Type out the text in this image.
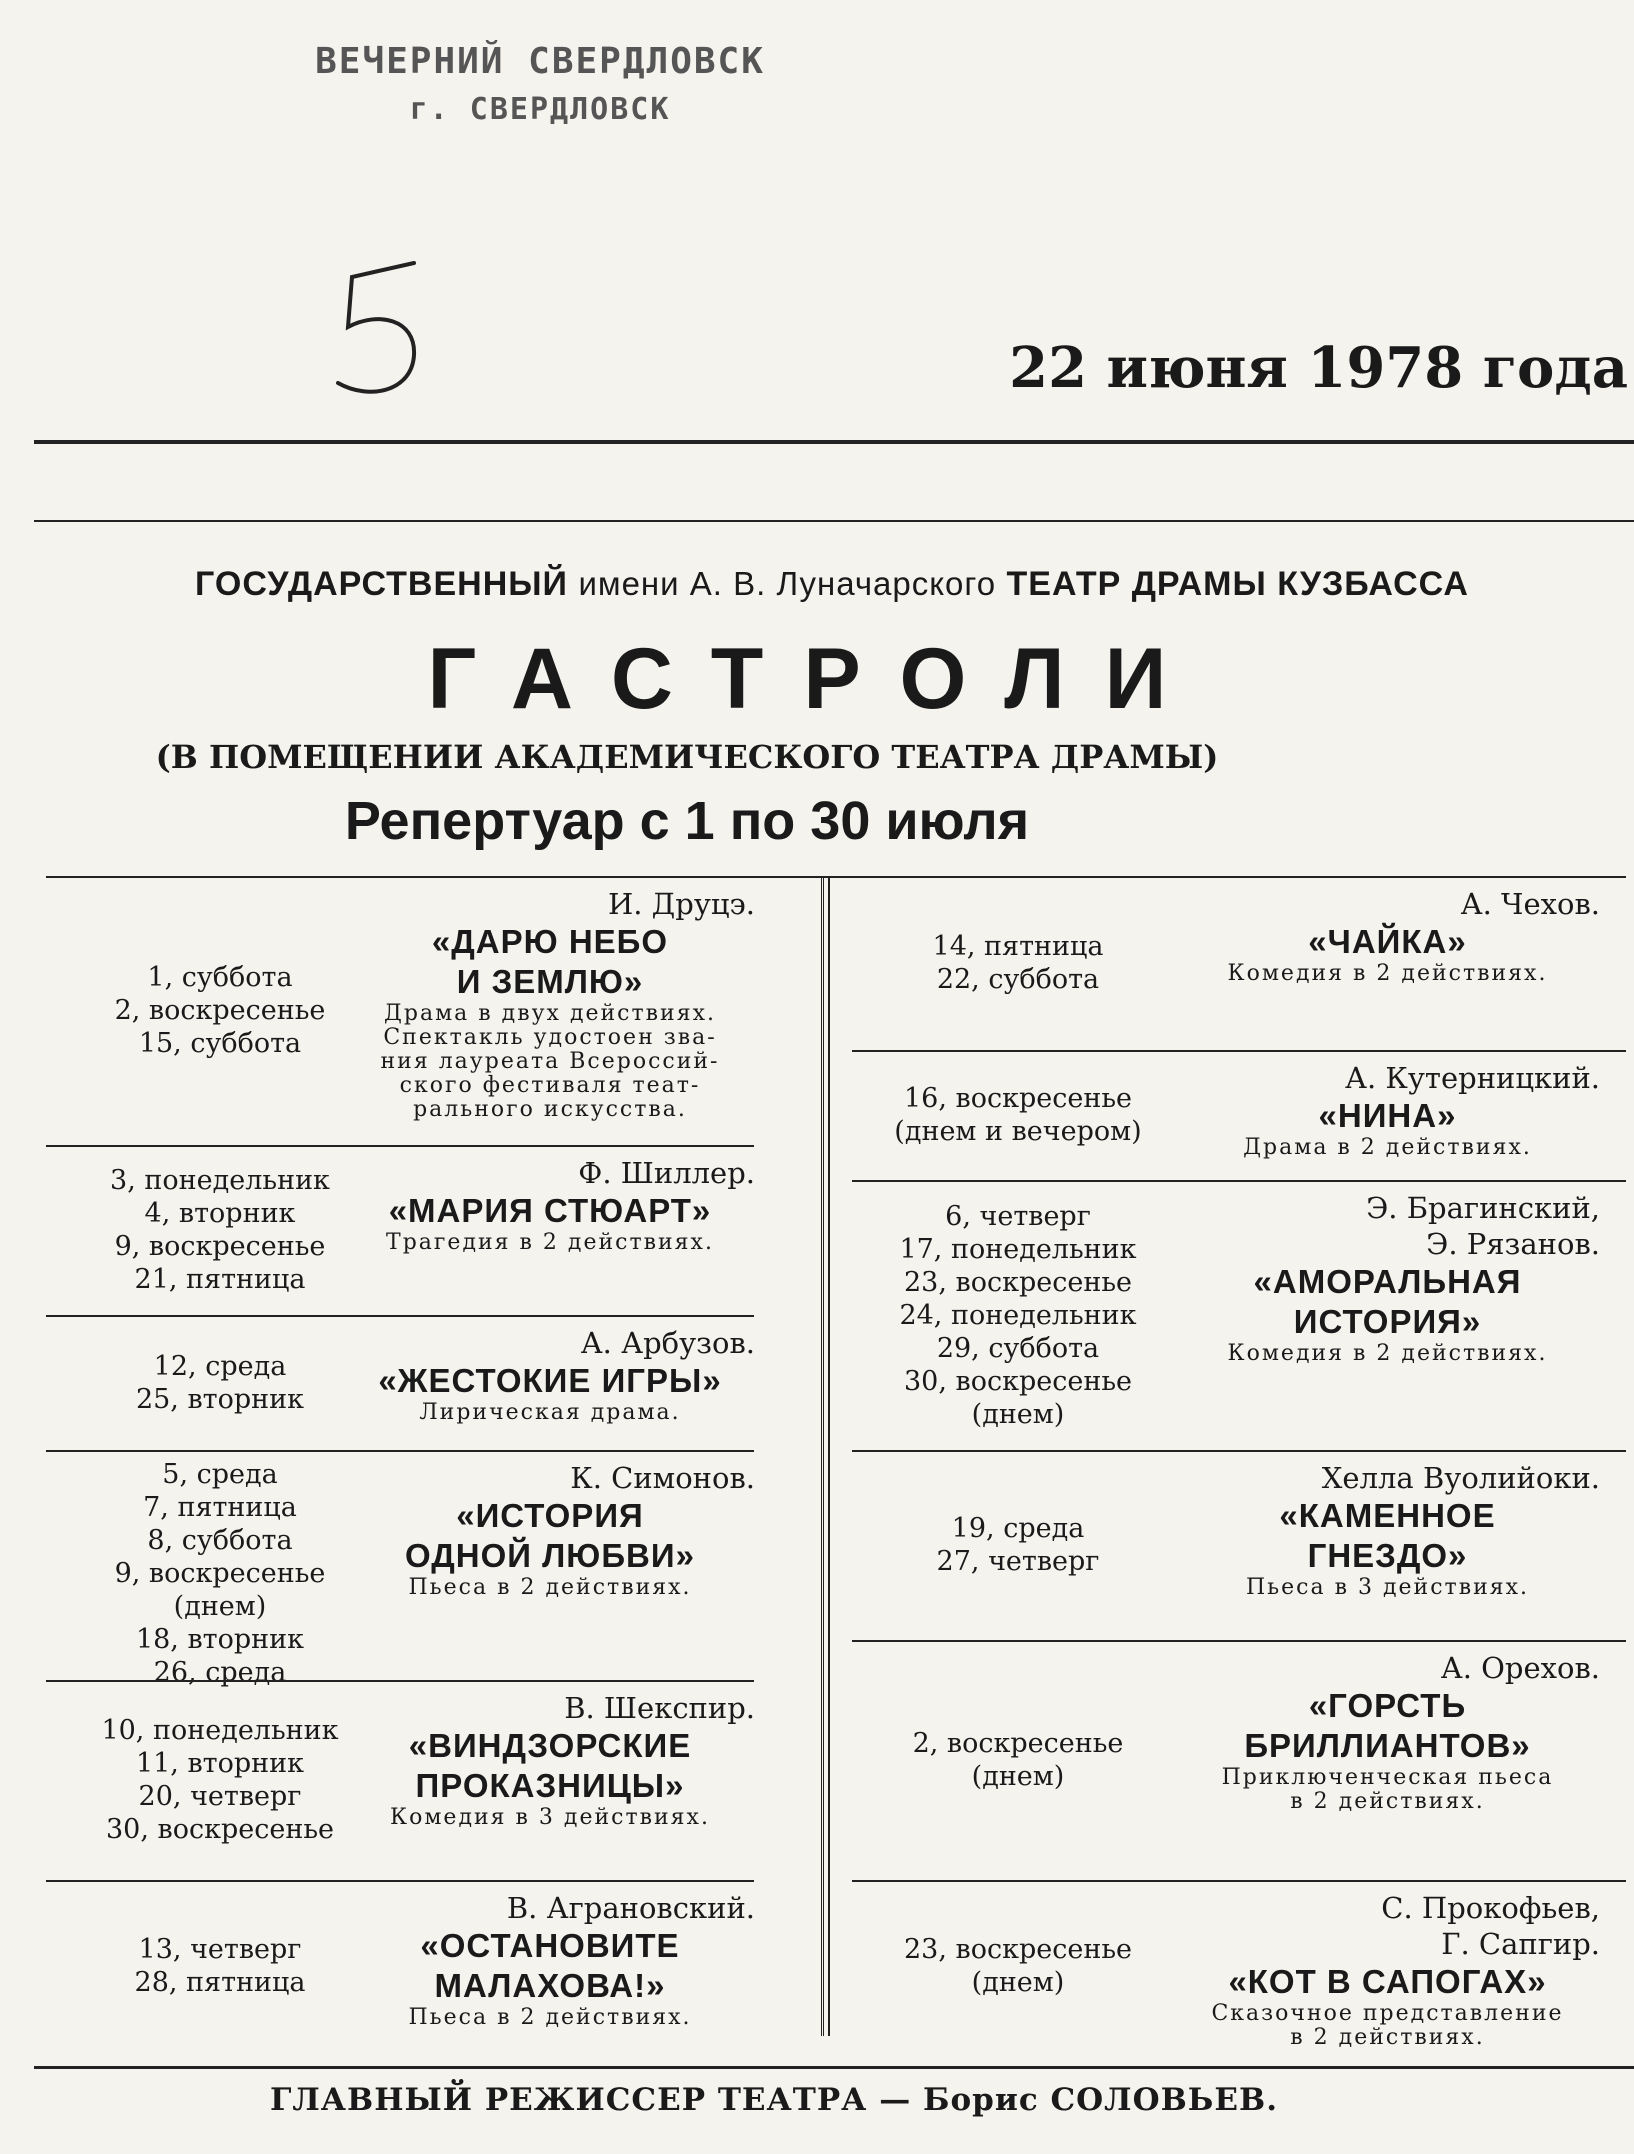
ВЕЧЕРНИЙ СВЕРДЛОВСК
г. СВЕРДЛОВСК
22 июня 1978 года
ГОСУДАРСТВЕННЫЙ имени А. В. Луначарского ТЕАТР ДРАМЫ КУЗБАССА
ГАСТРОЛИ
(В ПОМЕЩЕНИИ АКАДЕМИЧЕСКОГО ТЕАТРА ДРАМЫ)
Репертуар с 1 по 30 июля
1, суббота
2, воскресенье
15, суббота
И. Друцэ.
«ДАРЮ НЕБО
И ЗЕМЛЮ»
Драма в двух действиях.
Спектакль удостоен зва-
ния лауреата Всероссий-
ского фестиваля теат-
рального искусства.
3, понедельник
4, вторник
9, воскресенье
21, пятница
Ф. Шиллер.
«МАРИЯ СТЮАРТ»
Трагедия в 2 действиях.
12, среда
25, вторник
А. Арбузов.
«ЖЕСТОКИЕ ИГРЫ»
Лирическая драма.
5, среда
7, пятница
8, суббота
9, воскресенье
(днем)
18, вторник
26, среда
К. Симонов.
«ИСТОРИЯ
ОДНОЙ ЛЮБВИ»
Пьеса в 2 действиях.
10, понедельник
11, вторник
20, четверг
30, воскресенье
В. Шекспир.
«ВИНДЗОРСКИЕ
ПРОКАЗНИЦЫ»
Комедия в 3 действиях.
13, четверг
28, пятница
В. Аграновский.
«ОСТАНОВИТЕ
МАЛАХОВА!»
Пьеса в 2 действиях.
14, пятница
22, суббота
А. Чехов.
«ЧАЙКА»
Комедия в 2 действиях.
16, воскресенье
(днем и вечером)
А. Кутерницкий.
«НИНА»
Драма в 2 действиях.
6, четверг
17, понедельник
23, воскресенье
24, понедельник
29, суббота
30, воскресенье
(днем)
Э. Брагинский,
Э. Рязанов.
«АМОРАЛЬНАЯ
ИСТОРИЯ»
Комедия в 2 действиях.
19, среда
27, четверг
Хелла Вуолийоки.
«КАМЕННОЕ
ГНЕЗДО»
Пьеса в 3 действиях.
2, воскресенье
(днем)
А. Орехов.
«ГОРСТЬ
БРИЛЛИАНТОВ»
Приключенческая пьеса
в 2 действиях.
23, воскресенье
(днем)
С. Прокофьев,
Г. Сапгир.
«КОТ В САПОГАХ»
Сказочное представление
в 2 действиях.
ГЛАВНЫЙ РЕЖИССЕР ТЕАТРА — Борис СОЛОВЬЕВ.
